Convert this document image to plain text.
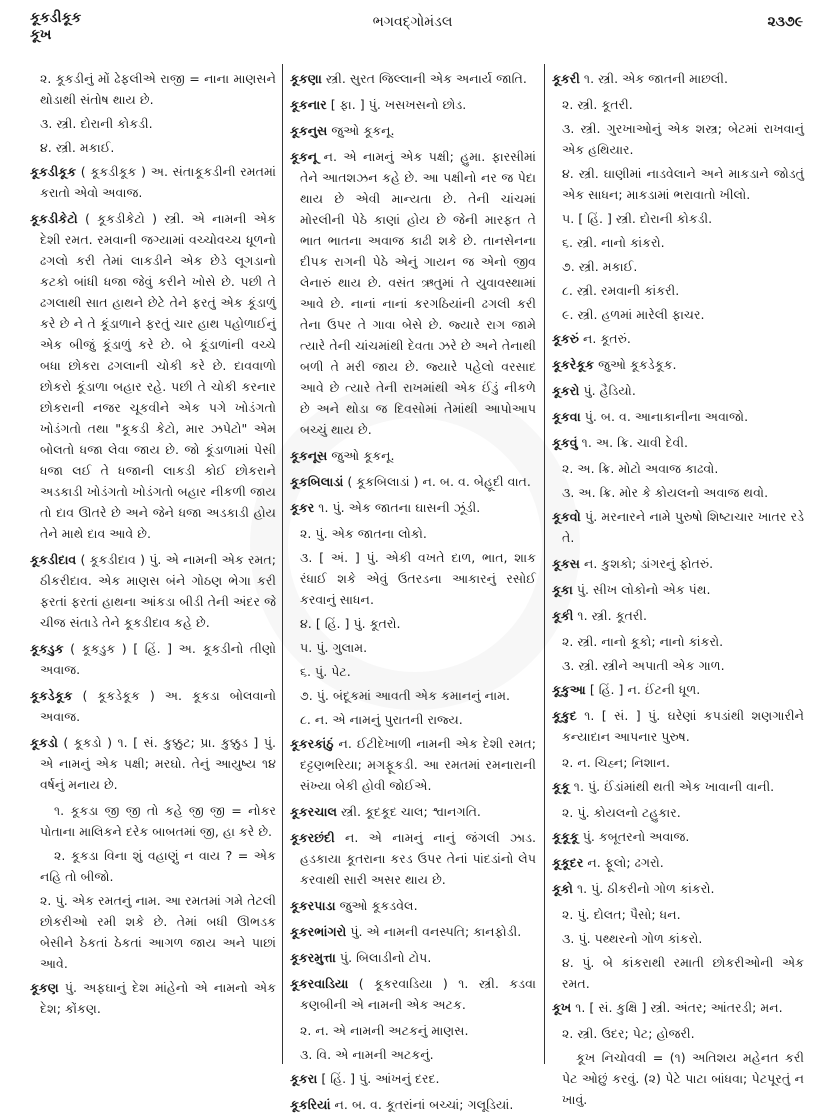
કૂકડીકૂક
કૂખ
ભગવદ્ગોમંડલ	૨૩૭૯
૨. કૂકડીનું મોં ઢેફલીએ રાજી = નાના માણસને થોડાથી સંતોષ થાય છે.
૩. સ્ત્રી. દોરાની કોકડી.
૪. સ્ત્રી. મકાઈ.
કૂકડીકૂક ( કૂકડીકૂક ) અ. સંતાકૂકડીની રમતમાં કરાતો એવો અવાજ.
કૂકડીકેટો ( કૂકડીકેટો ) સ્ત્રી. એ નામની એક દેશી રમત. રમવાની જગ્યામાં વચ્ચોવચ્ચ ધૂળનો ઢગલો કરી તેમાં લાકડીને એક છેડે લૂગડાનો કટકો બાંધી ધજા જેવું કરીને ખોસે છે. પછી તે ઢગલાથી સાત હાથને છેટે તેને ફરતું એક કૂંડાળું કરે છે ને તે કૂંડાળાને ફરતું ચાર હાથ પહોળાઈનું એક બીજું કૂંડાળું કરે છે. બે કૂંડાળાંની વચ્ચે બધા છોકરા ઢગલાની ચોકી કરે છે. દાવવાળો છોકરો કૂંડાળા બહાર રહે. પછી તે ચોકી કરનાર છોકરાની નજર ચૂકવીને એક પગે ખોડંગતો ખોડંગતો તથા "કૂકડી કેટો, માર ઝપેટો" એમ બોલતો ધજા લેવા જાય છે. જો કૂંડાળામાં પેસી ધજા લઈ તે ધજાની લાકડી કોઈ છોકરાને અડકાડી ખોડંગતો ખોડંગતો બહાર નીકળી જાય તો દાવ ઊતરે છે અને જેને ધજા અડકાડી હોય તેને માથે દાવ આવે છે.
કૂકડીદાવ ( કૂકડીદાવ ) પું. એ નામની એક રમત; ઠીકરીદાવ. એક માણસ બંને ગોઠણ ભેગા કરી ફરતાં ફરતાં હાથના આંકડા બીડી તેની અંદર જે ચીજ સંતાડે તેને કૂકડીદાવ કહે છે.
કૂકડુક ( કૂકડુક ) [ હિં. ] અ. કૂકડીનો તીણો અવાજ.
કૂકડેકૂક ( કૂકડેકૂક ) અ. કૂકડા બોલવાનો અવાજ.
કૂકડો ( કૂકડો ) ૧. [ સં. કુક્કુટ; પ્રા. કુક્કુડ ] પું. એ નામનું એક પક્ષી; મરઘો. તેનું આયુષ્ય ૧૪ વર્ષનું મનાય છે.
૧. કૂકડા જી જી તો કહે જી જી = નોકર પોતાના માલિકને દરેક બાબતમાં જી, હા કરે છે.
૨. કૂકડા વિના શું વહાણું ન વાય ? = એક નહિ તો બીજો.
૨. પું. એક રમતનું નામ. આ રમતમાં ગમે તેટલી છોકરીઓ રમી શકે છે. તેમાં બધી ઊભડક બેસીને ઠેકતાં ઠેકતાં આગળ જાય અને પાછાં આવે.
કૂકણ પું. અફઘાનું દેશ માંહેનો એ નામનો એક દેશ; કોંકણ.
કૂકણા સ્ત્રી. સુરત જિલ્લાની એક અનાર્ય જાતિ.
કૂકનાર [ ફા. ] પું. ખસખસનો છોડ.
કૂકનુસ જુઓ કૂકનૂ.
કૂકનૂ ન. એ નામનું એક પક્ષી; હુમા. ફારસીમાં તેને આતશઝન કહે છે. આ પક્ષીનો નર જ પેદા થાય છે એવી માન્યતા છે. તેની ચાંચમાં મોરલીની પેઠે કાણાં હોય છે જેની મારફત તે ભાત ભાતના અવાજ કાઢી શકે છે. તાનસેનના દીપક રાગની પેઠે એનું ગાયન જ એનો જીવ લેનારું થાય છે. વસંત ઋતુમાં તે યુવાવસ્થામાં આવે છે. નાનાં નાનાં કરગઠિયાંની ઢગલી કરી તેના ઉપર તે ગાવા બેસે છે. જ્યારે રાગ જામે ત્યારે તેની ચાંચમાંથી દેવતા ઝરે છે અને તેનાથી બળી તે મરી જાય છે. જ્યારે પહેલો વરસાદ આવે છે ત્યારે તેની રાખમાંથી એક ઈંડું નીકળે છે અને થોડા જ દિવસોમાં તેમાંથી આપોઆપ બચ્ચું થાય છે.
કૂકનૂસ જુઓ કૂકનૂ.
કૂકબિલાડાં ( કૂકબિલાડાં ) ન. બ. વ. બેહૂદી વાત.
કૂકર ૧. પું. એક જાતના ઘાસની ઝૂંડી.
૨. પું. એક જાતના લોકો.
૩. [ અં. ] પું. એકી વખતે દાળ, ભાત, શાક રંધાઈ શકે એવું ઉતરડના આકારનું રસોઈ કરવાનું સાધન.
૪. [ હિં. ] પું. કૂતરો.
૫. પું. ગુલામ.
૬. પું. પેટ.
૭. પું. બંદૂકમાં આવતી એક કમાનનું નામ.
૮. ન. એ નામનું પુરાતની રાજ્ય.
કૂકરકાંઠું ન. ઈટીદેખાળી નામની એક દેશી રમત; દટ્ટણભરિયા; મગફૂકડી. આ રમતમાં રમનારાની સંખ્યા બેકી હોવી જોઈએ.
કૂકરચાલ સ્ત્રી. કૂદકૂદ ચાલ; શ્વાનગતિ.
કૂકરછંદી ન. એ નામનું નાનું જંગલી ઝાડ. હડકાયા કૂતરાના કરડ ઉપર તેનાં પાંદડાંનો લેપ કરવાથી સારી અસર થાય છે.
કૂકરપાડા જુઓ કૂકડવેલ.
કૂકરભાંગરો પું. એ નામની વનસ્પતિ; કાનફોડી.
કૂકરમુત્તા પું. બિલાડીનો ટોપ.
કૂકરવાડિયા ( કૂકરવાડિયા ) ૧. સ્ત્રી. કડવા કણબીની એ નામની એક અટક.
૨. ન. એ નામની અટકનું માણસ.
૩. વિ. એ નામની અટકનું.
કૂકરા [ હિં. ] પું. આંખનું દરદ.
કૂકરિયાં ન. બ. વ. કૂતરાંનાં બચ્ચાં; ગલૂડિયાં.
કૂકરી ૧. સ્ત્રી. એક જાતની માછલી.
૨. સ્ત્રી. કૂતરી.
૩. સ્ત્રી. ગુરખાઓનું એક શસ્ત્ર; બેટમાં રાખવાનું એક હથિયાર.
૪. સ્ત્રી. ઘાણીમાં નાડવેલાને અને માકડાને જોડતું એક સાધન; માકડામાં ભરાવાતો ખીલો.
૫. [ હિં. ] સ્ત્રી. દોરાની કોકડી.
૬. સ્ત્રી. નાનો કાંકરો.
૭. સ્ત્રી. મકાઈ.
૮. સ્ત્રી. રમવાની કાંકરી.
૯. સ્ત્રી. હળમાં મારેલી ફાચર.
કૂકરું ન. કૂતરું.
કૂકરેકૂક જુઓ કૂકડેકૂક.
કૂકરો પું. હૈડિયો.
કૂકવા પું. બ. વ. આનાકાનીના અવાજો.
કૂકવું ૧. અ. ક્રિ. ચાવી દેવી.
૨. અ. ક્રિ. મોટો અવાજ કાઢવો.
૩. અ. ક્રિ. મોર કે કોયલનો અવાજ થવો.
કૂકવો પું. મરનારને નામે પુરુષો શિષ્ટાચાર ખાતર રડે તે.
કૂકસ ન. કુશકો; ડાંગરનું ફોતરું.
કૂકા પું. સીખ લોકોનો એક પંથ.
કૂકી ૧. સ્ત્રી. કૂતરી.
૨. સ્ત્રી. નાનો કૂકો; નાનો કાંકરો.
૩. સ્ત્રી. સ્ત્રીને અપાતી એક ગાળ.
કૂકુઆ [ હિં. ] ન. ઈંટની ધૂળ.
કૂકુદ ૧. [ સં. ] પું. ઘરેણાં કપડાંથી શણગારીને કન્યાદાન આપનાર પુરુષ.
૨. ન. ચિહ્ન; નિશાન.
કૂકૂ ૧. પું. ઈંડાંમાંથી થતી એક ખાવાની વાની.
૨. પું. કોયલનો ટહુકાર.
કૂકૂકૂ પું. કબૂતરનો અવાજ.
કૂકૂદર ન. ફૂલો; ઢગરો.
કૂકો ૧. પું. ઠીકરીનો ગોળ કાંકરો.
૨. પું. દોલત; પૈસો; ધન.
૩. પું. પથ્થરનો ગોળ કાંકરો.
૪. પું. બે કાંકરાથી રમાતી છોકરીઓની એક રમત.
કૂખ ૧. [ સં. કુક્ષિ ] સ્ત્રી. અંતર; આંતરડી; મન.
૨. સ્ત્રી. ઉદર; પેટ; હોજરી.
કૂખ નિચોવવી = (૧) અતિશય મહેનત કરી પેટ ઓછું કરવું. (૨) પેટે પાટા બાંધવા; પેટપૂરતું ન ખાવું.
